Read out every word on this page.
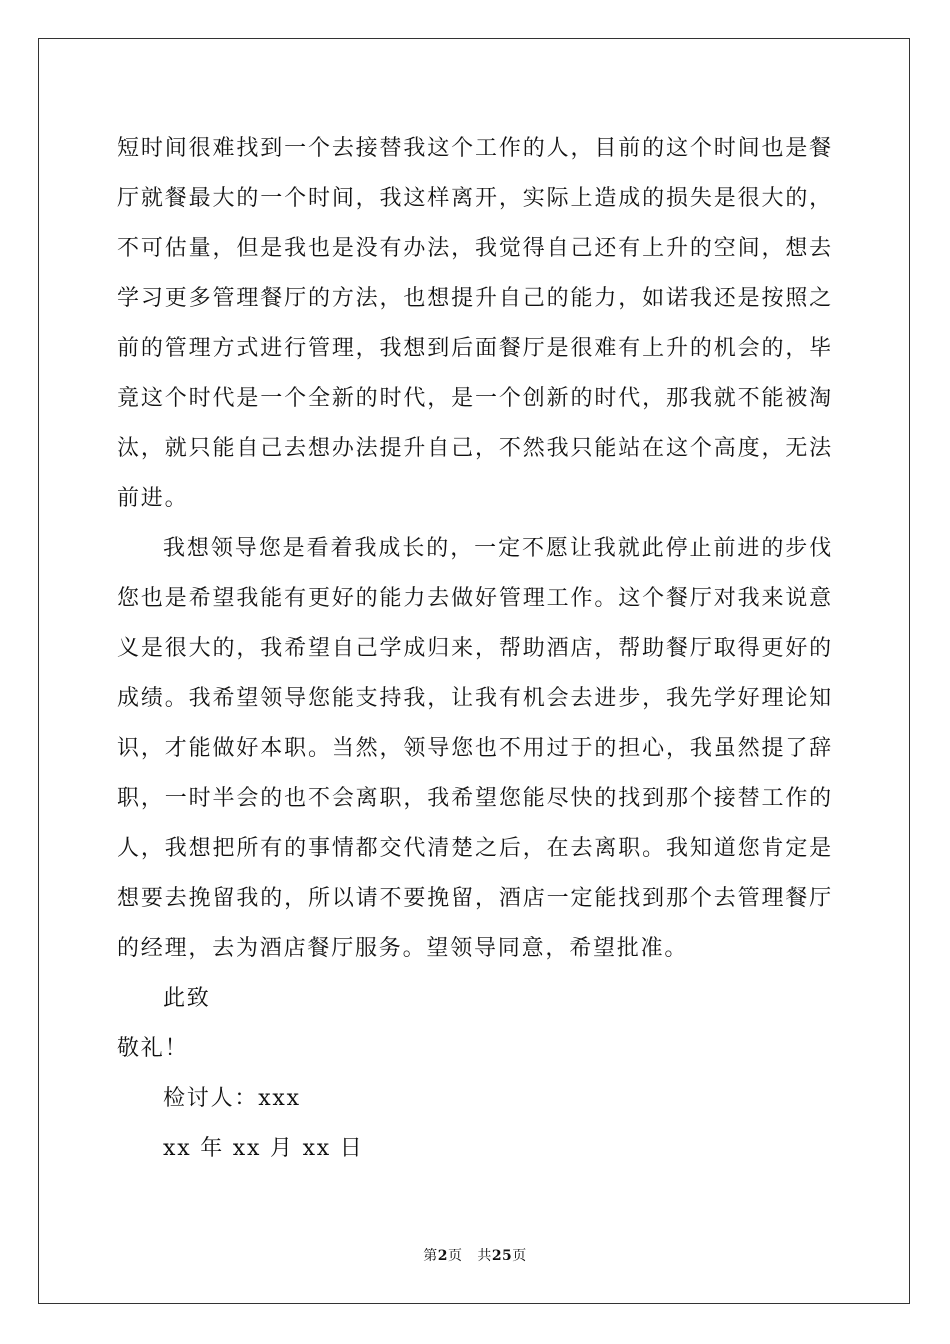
短时间很难找到一个去接替我这个工作的人，目前的这个时间也是餐厅就餐最大的一个时间，我这样离开，实际上造成的损失是很大的，不可估量，但是我也是没有办法，我觉得自己还有上升的空间，想去学习更多管理餐厅的方法，也想提升自己的能力，如诺我还是按照之前的管理方式进行管理，我想到后面餐厅是很难有上升的机会的，毕竟这个时代是一个全新的时代，是一个创新的时代，那我就不能被淘汰，就只能自己去想办法提升自己，不然我只能站在这个高度，无法前进。

我想领导您是看着我成长的，一定不愿让我就此停止前进的步伐您也是希望我能有更好的能力去做好管理工作。这个餐厅对我来说意义是很大的，我希望自己学成归来，帮助酒店，帮助餐厅取得更好的成绩。我希望领导您能支持我，让我有机会去进步，我先学好理论知识，才能做好本职。当然，领导您也不用过于的担心，我虽然提了辞职，一时半会的也不会离职，我希望您能尽快的找到那个接替工作的人，我想把所有的事情都交代清楚之后，在去离职。我知道您肯定是想要去挽留我的，所以请不要挽留，酒店一定能找到那个去管理餐厅的经理，去为酒店餐厅服务。望领导同意，希望批准。

此致

敬礼！

检讨人：xxx

xx 年 xx 月 xx 日

第2页 共25页
